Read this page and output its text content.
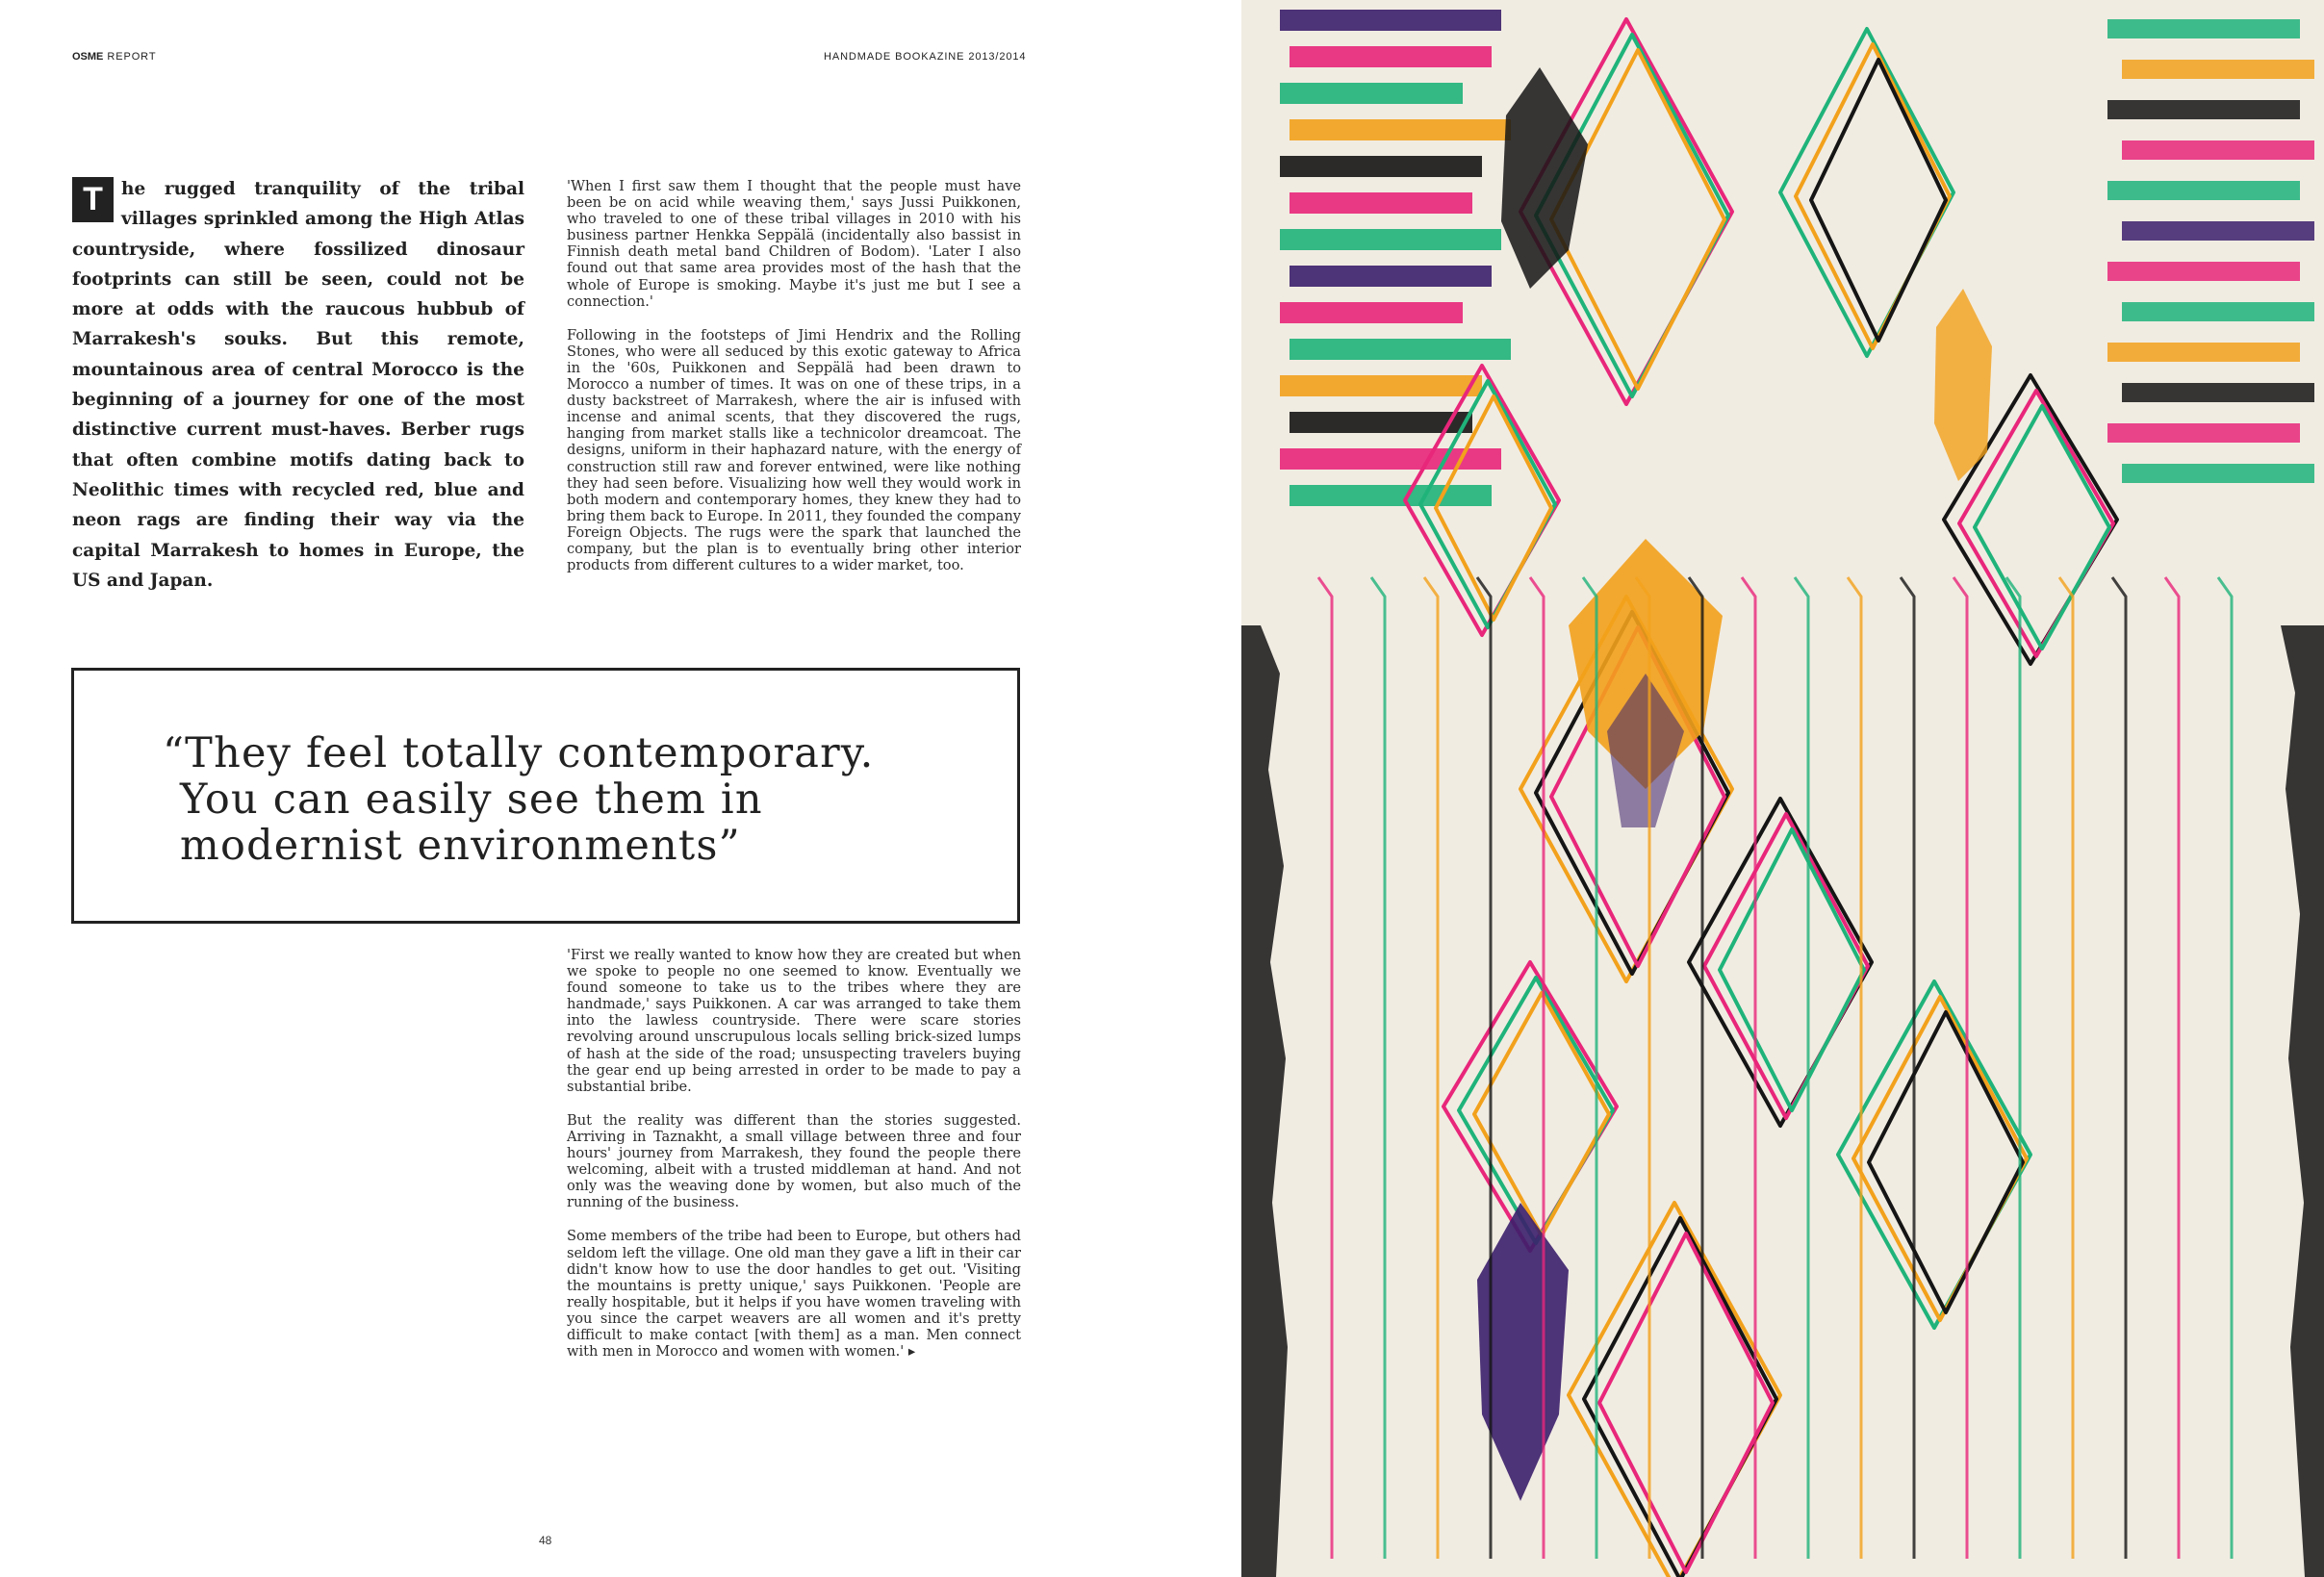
OSME REPORT	HANDMADE BOOKAZINE 2013/2014
T	he rugged tranquility of the tribal villages sprinkled among the High Atlas countryside, where fossilized dinosaur footprints can still be seen, could not be more at odds with the raucous hubbub of Marrakesh's souks. But this remote, mountainous area of central Morocco is the beginning of a journey for one of the most distinctive current must-haves. Berber rugs that often combine motifs dating back to Neolithic times with recycled red, blue and neon rags are finding their way via the capital Marrakesh to homes in Europe, the US and Japan.

'When I first saw them I thought that the people must have been be on acid while weaving them,' says Jussi Puikkonen, who traveled to one of these tribal villages in 2010 with his business partner Henkka Seppälä (incidentally also bassist in Finnish death metal band Children of Bodom). 'Later I also found out that same area provides most of the hash that the whole of Europe is smoking. Maybe it's just me but I see a connection.'

Following in the footsteps of Jimi Hendrix and the Rolling Stones, who were all seduced by this exotic gateway to Africa in the '60s, Puikkonen and Seppälä had been drawn to Morocco a number of times. It was on one of these trips, in a dusty backstreet of Marrakesh, where the air is infused with incense and animal scents, that they discovered the rugs, hanging from market stalls like a technicolor dreamcoat. The designs, uniform in their haphazard nature, with the energy of construction still raw and forever entwined, were like nothing they had seen before. Visualizing how well they would work in both modern and contemporary homes, they knew they had to bring them back to Europe. In 2011, they founded the company Foreign Objects. The rugs were the spark that launched the company, but the plan is to eventually bring other interior products from different cultures to a wider market, too.

“They feel totally contemporary.
You can easily see them in
modernist environments”

'First we really wanted to know how they are created but when we spoke to people no one seemed to know. Eventually we found someone to take us to the tribes where they are handmade,' says Puikkonen. A car was arranged to take them into the lawless countryside. There were scare stories revolving around unscrupulous locals selling brick-sized lumps of hash at the side of the road; unsuspecting travelers buying the gear end up being arrested in order to be made to pay a substantial bribe.

But the reality was different than the stories suggested. Arriving in Taznakht, a small village between three and four hours' journey from Marrakesh, they found the people there welcoming, albeit with a trusted middleman at hand. And not only was the weaving done by women, but also much of the running of the business.

Some members of the tribe had been to Europe, but others had seldom left the village. One old man they gave a lift in their car didn't know how to use the door handles to get out. 'Visiting the mountains is pretty unique,' says Puikkonen. 'People are really hospitable, but it helps if you have women traveling with you since the carpet weavers are all women and it's pretty difficult to make contact [with them] as a man. Men connect with men in Morocco and women with women.' ▸

48
